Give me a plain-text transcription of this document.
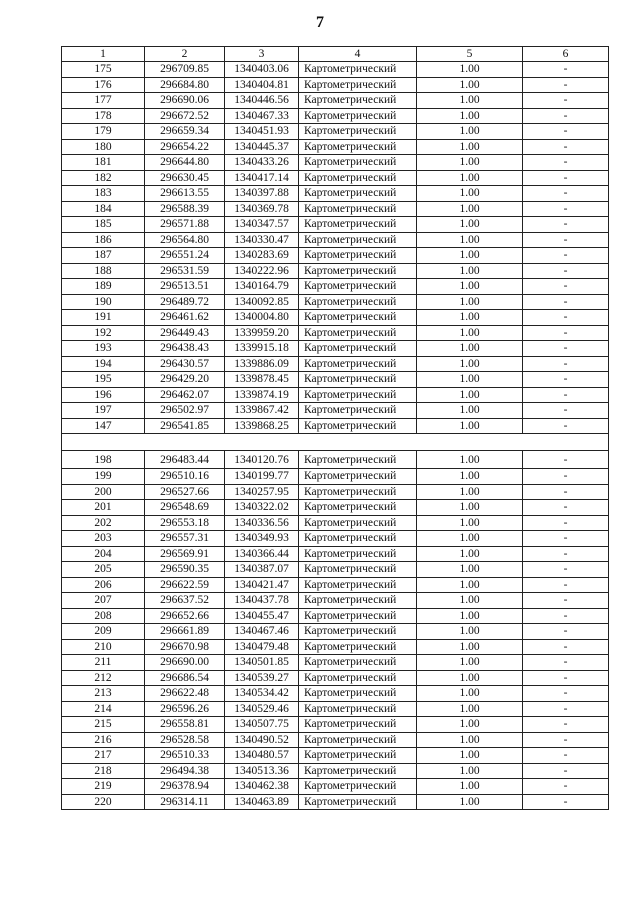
7
1	2	3	4	5	6
175	296709.85	1340403.06	Картометрический	1.00	-
176	296684.80	1340404.81	Картометрический	1.00	-
177	296690.06	1340446.56	Картометрический	1.00	-
178	296672.52	1340467.33	Картометрический	1.00	-
179	296659.34	1340451.93	Картометрический	1.00	-
180	296654.22	1340445.37	Картометрический	1.00	-
181	296644.80	1340433.26	Картометрический	1.00	-
182	296630.45	1340417.14	Картометрический	1.00	-
183	296613.55	1340397.88	Картометрический	1.00	-
184	296588.39	1340369.78	Картометрический	1.00	-
185	296571.88	1340347.57	Картометрический	1.00	-
186	296564.80	1340330.47	Картометрический	1.00	-
187	296551.24	1340283.69	Картометрический	1.00	-
188	296531.59	1340222.96	Картометрический	1.00	-
189	296513.51	1340164.79	Картометрический	1.00	-
190	296489.72	1340092.85	Картометрический	1.00	-
191	296461.62	1340004.80	Картометрический	1.00	-
192	296449.43	1339959.20	Картометрический	1.00	-
193	296438.43	1339915.18	Картометрический	1.00	-
194	296430.57	1339886.09	Картометрический	1.00	-
195	296429.20	1339878.45	Картометрический	1.00	-
196	296462.07	1339874.19	Картометрический	1.00	-
197	296502.97	1339867.42	Картометрический	1.00	-
147	296541.85	1339868.25	Картометрический	1.00	-

198	296483.44	1340120.76	Картометрический	1.00	-
199	296510.16	1340199.77	Картометрический	1.00	-
200	296527.66	1340257.95	Картометрический	1.00	-
201	296548.69	1340322.02	Картометрический	1.00	-
202	296553.18	1340336.56	Картометрический	1.00	-
203	296557.31	1340349.93	Картометрический	1.00	-
204	296569.91	1340366.44	Картометрический	1.00	-
205	296590.35	1340387.07	Картометрический	1.00	-
206	296622.59	1340421.47	Картометрический	1.00	-
207	296637.52	1340437.78	Картометрический	1.00	-
208	296652.66	1340455.47	Картометрический	1.00	-
209	296661.89	1340467.46	Картометрический	1.00	-
210	296670.98	1340479.48	Картометрический	1.00	-
211	296690.00	1340501.85	Картометрический	1.00	-
212	296686.54	1340539.27	Картометрический	1.00	-
213	296622.48	1340534.42	Картометрический	1.00	-
214	296596.26	1340529.46	Картометрический	1.00	-
215	296558.81	1340507.75	Картометрический	1.00	-
216	296528.58	1340490.52	Картометрический	1.00	-
217	296510.33	1340480.57	Картометрический	1.00	-
218	296494.38	1340513.36	Картометрический	1.00	-
219	296378.94	1340462.38	Картометрический	1.00	-
220	296314.11	1340463.89	Картометрический	1.00	-
